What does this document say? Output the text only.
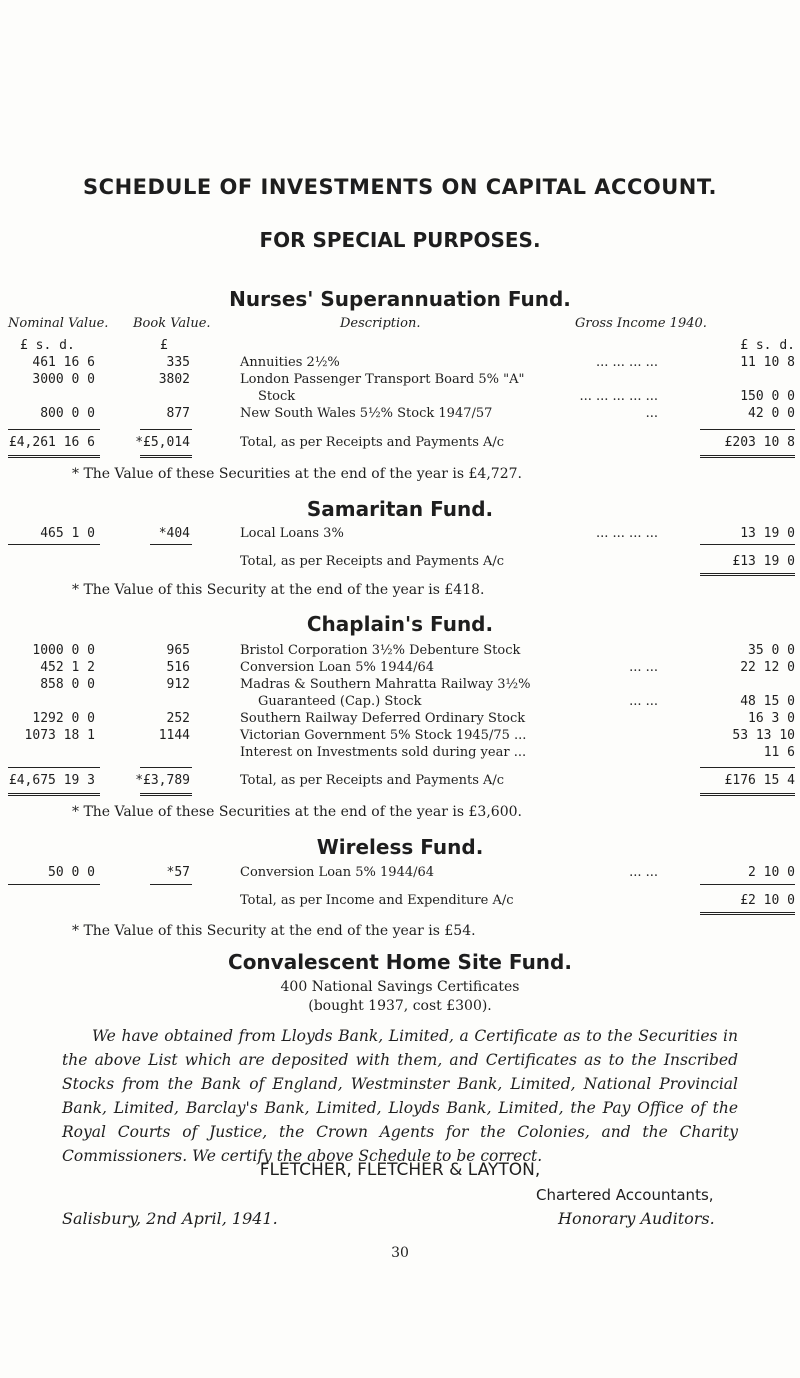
SCHEDULE OF INVESTMENTS ON CAPITAL ACCOUNT.
FOR SPECIAL PURPOSES.
Nurses' Superannuation Fund.
Nominal Value. Book Value.	Description.	Gross Income 1940.
£ s. d.	£	£ s. d.
461 16 6	335	Annuities 2½%	... ... ... ...	11 10 8
3000 0 0	3802	London Passenger Transport Board 5% "A"
Stock	... ... ... ... ...	150 0 0
800 0 0	877	New South Wales 5½% Stock 1947/57	...	42 0 0
£4,261 16 6	*£5,014	Total, as per Receipts and Payments A/c	£203 10 8
* The Value of these Securities at the end of the year is £4,727.
Samaritan Fund.
465 1 0	*404	Local Loans 3%	... ... ... ...	13 19 0
Total, as per Receipts and Payments A/c	£13 19 0
* The Value of this Security at the end of the year is £418.
Chaplain's Fund.
1000 0 0	965	Bristol Corporation 3½% Debenture Stock	35 0 0
452 1 2	516	Conversion Loan 5% 1944/64	... ...	22 12 0
858 0 0	912	Madras & Southern Mahratta Railway 3½%
Guaranteed (Cap.) Stock	... ...	48 15 0
1292 0 0	252	Southern Railway Deferred Ordinary Stock	16 3 0
1073 18 1	1144	Victorian Government 5% Stock 1945/75 ...	53 13 10
Interest on Investments sold during year ...	11 6
£4,675 19 3	*£3,789	Total, as per Receipts and Payments A/c	£176 15 4
* The Value of these Securities at the end of the year is £3,600.
Wireless Fund.
50 0 0	*57	Conversion Loan 5% 1944/64	... ...	2 10 0
Total, as per Income and Expenditure A/c	£2 10 0
* The Value of this Security at the end of the year is £54.
Convalescent Home Site Fund.
400 National Savings Certificates
(bought 1937, cost £300).

We have obtained from Lloyds Bank, Limited, a Certificate as to the Securities in the above List which are deposited with them, and Certificates as to the Inscribed Stocks from the Bank of England, Westminster Bank, Limited, National Provincial Bank, Limited, Barclay's Bank, Limited, Lloyds Bank, Limited, the Pay Office of the Royal Courts of Justice, the Crown Agents for the Colonies, and the Charity Commissioners. We certify the above Schedule to be correct.

FLETCHER, FLETCHER & LAYTON,
Chartered Accountants,
Salisbury, 2nd April, 1941.	Honorary Auditors.
30
